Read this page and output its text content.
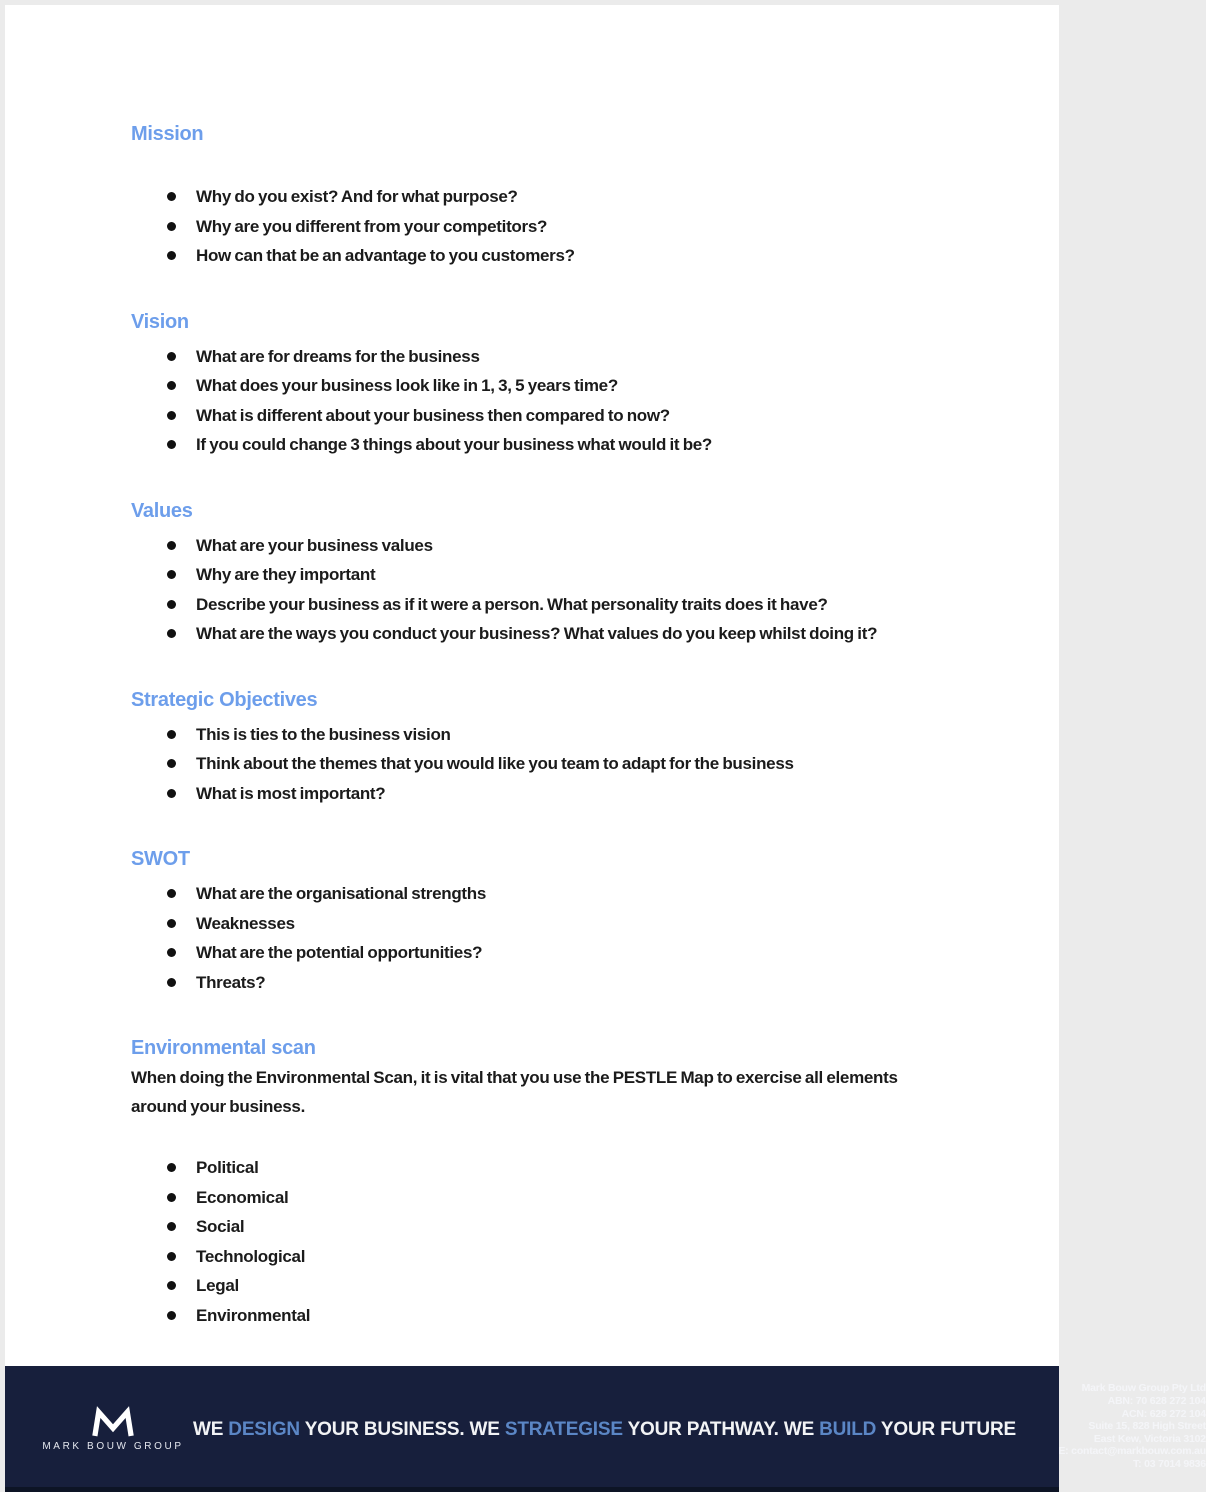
Mission
Why do you exist? And for what purpose?
Why are you different from your competitors?
How can that be an advantage to you customers?
Vision
What are for dreams for the business
What does your business look like in 1, 3, 5 years time?
What is different about your business then compared to now?
If you could change 3 things about your business what would it be?
Values
What are your business values
Why are they important
Describe your business as if it were a person. What personality traits does it have?
What are the ways you conduct your business? What values do you keep whilst doing it?
Strategic Objectives
This is ties to the business vision
Think about the themes that you would like you team to adapt for the business
What is most important?
SWOT
What are the organisational strengths
Weaknesses
What are the potential opportunities?
Threats?
Environmental scan

When doing the Environmental Scan, it is vital that you use the PESTLE Map to exercise all elements around your business.

Political
Economical
Social
Technological
Legal
Environmental
MARK BOUW GROUP
WE DESIGN YOUR BUSINESS. WE STRATEGISE YOUR PATHWAY. WE BUILD YOUR FUTURE
Mark Bouw Group Pty Ltd
ABN: 70 628 272 104
ACN: 628 272 104
Suite 15, 828 High Street
East Kew, Victoria 3102
E: contact@markbouw.com.au
T: 03 7014 9836
